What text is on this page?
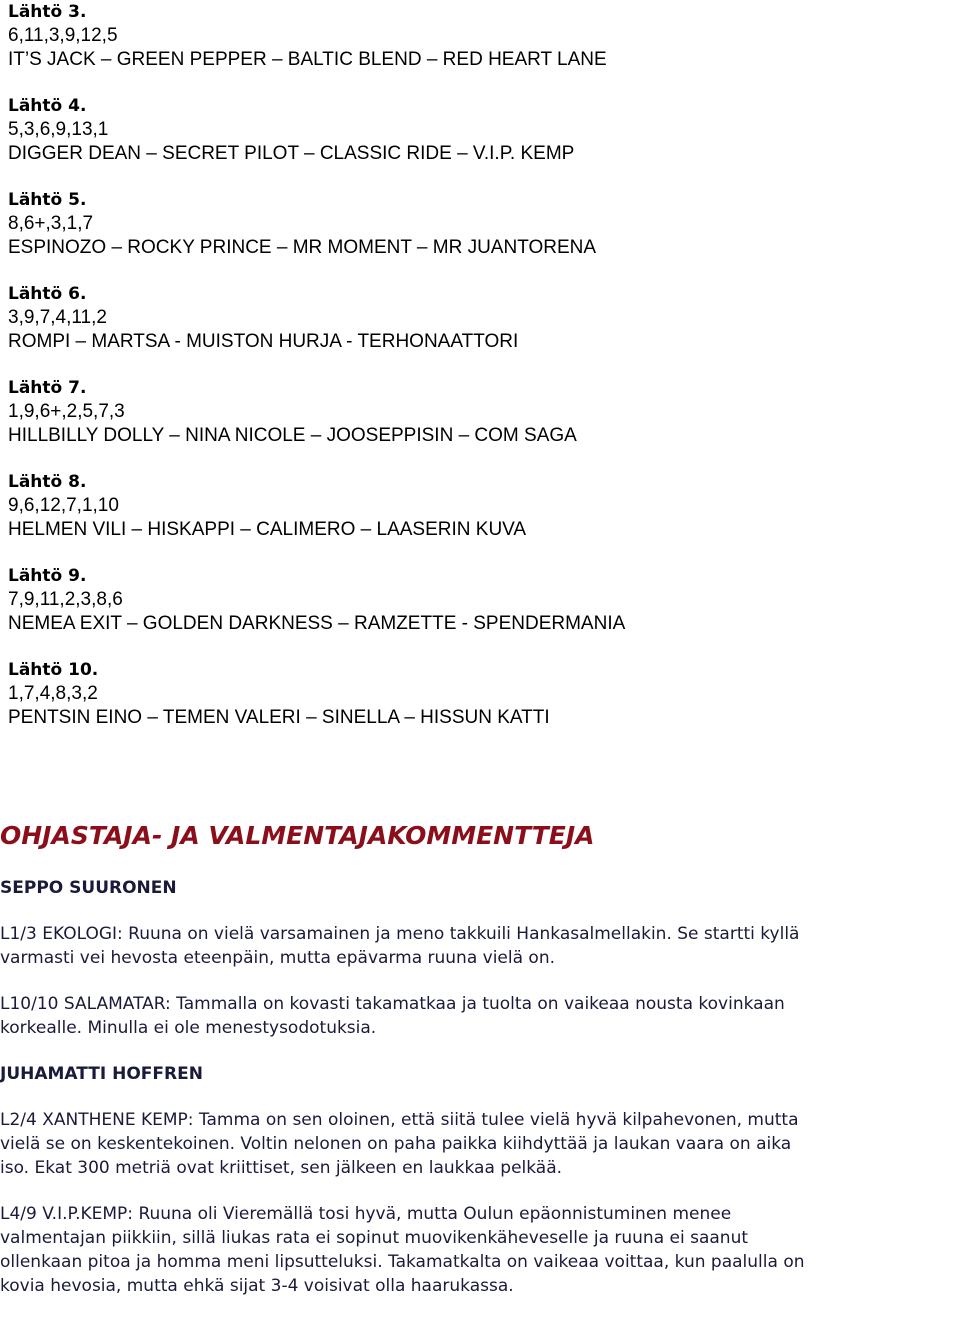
Lähtö 3.
6,11,3,9,12,5
IT’S JACK – GREEN PEPPER – BALTIC BLEND – RED HEART LANE
Lähtö 4.
5,3,6,9,13,1
DIGGER DEAN – SECRET PILOT – CLASSIC RIDE – V.I.P. KEMP
Lähtö 5.
8,6+,3,1,7
ESPINOZO – ROCKY PRINCE – MR MOMENT – MR JUANTORENA
Lähtö 6.
3,9,7,4,11,2
ROMPI – MARTSA - MUISTON HURJA - TERHONAATTORI
Lähtö 7.
1,9,6+,2,5,7,3
HILLBILLY DOLLY – NINA NICOLE – JOOSEPPISIN – COM SAGA
Lähtö 8.
9,6,12,7,1,10
HELMEN VILI – HISKAPPI – CALIMERO – LAASERIN KUVA
Lähtö 9.
7,9,11,2,3,8,6
NEMEA EXIT – GOLDEN DARKNESS – RAMZETTE - SPENDERMANIA
Lähtö 10.
1,7,4,8,3,2
PENTSIN EINO – TEMEN VALERI – SINELLA – HISSUN KATTI
OHJASTAJA- JA VALMENTAJAKOMMENTTEJA
SEPPO SUURONEN
L1/3 EKOLOGI: Ruuna on vielä varsamainen ja meno takkuili Hankasalmellakin. Se startti kyllä
varmasti vei hevosta eteenpäin, mutta epävarma ruuna vielä on.
L10/10 SALAMATAR: Tammalla on kovasti takamatkaa ja tuolta on vaikeaa nousta kovinkaan
korkealle. Minulla ei ole menestysodotuksia.
JUHAMATTI HOFFREN
L2/4 XANTHENE KEMP: Tamma on sen oloinen, että siitä tulee vielä hyvä kilpahevonen, mutta
vielä se on keskentekoinen. Voltin nelonen on paha paikka kiihdyttää ja laukan vaara on aika
iso. Ekat 300 metriä ovat kriittiset, sen jälkeen en laukkaa pelkää.
L4/9 V.I.P.KEMP: Ruuna oli Vieremällä tosi hyvä, mutta Oulun epäonnistuminen menee
valmentajan piikkiin, sillä liukas rata ei sopinut muovikenkäheveselle ja ruuna ei saanut
ollenkaan pitoa ja homma meni lipsutteluksi. Takamatkalta on vaikeaa voittaa, kun paalulla on
kovia hevosia, mutta ehkä sijat 3-4 voisivat olla haarukassa.
